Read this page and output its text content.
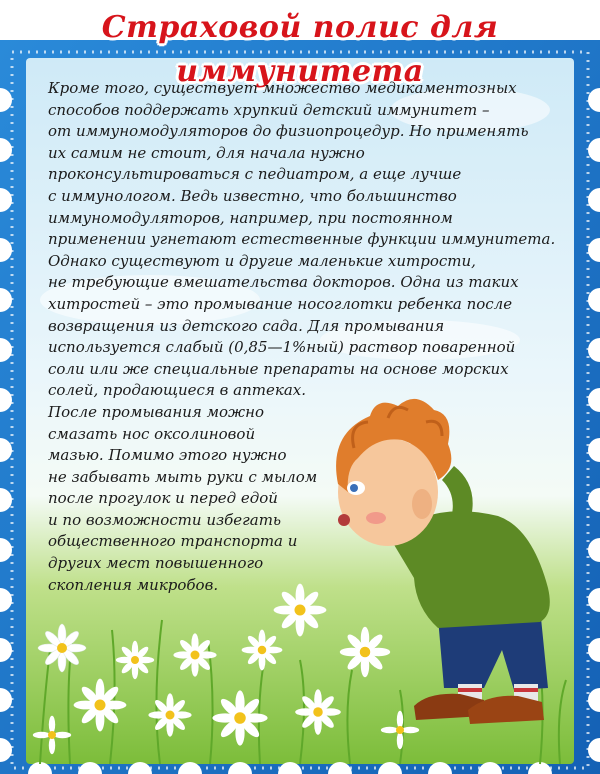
Страховой полис для иммунитета
Кроме того, существует множество медикаментозных
способов поддержать хрупкий детский иммунитет –
от иммуномодуляторов до физиопроцедур. Но применять
их самим не стоит, для начала нужно
проконсультироваться с педиатром, а еще лучше
с иммунологом. Ведь известно, что большинство
иммуномодуляторов, например, при постоянном
применении угнетают естественные функции иммунитета.
Однако существуют и другие маленькие хитрости,
не требующие вмешательства докторов. Одна из таких
хитростей – это промывание носоглотки ребенка после
возвращения из детского сада. Для промывания
используется слабый (0,85—1%ный) раствор поваренной
соли или же специальные препараты на основе морских
солей, продающиеся в аптеках.
После промывания можно
смазать нос оксолиновой
мазью. Помимо этого нужно
не забывать мыть руки с мылом
после прогулок и перед едой
и по возможности избегать
общественного транспорта и
других мест повышенного
скопления микробов.
